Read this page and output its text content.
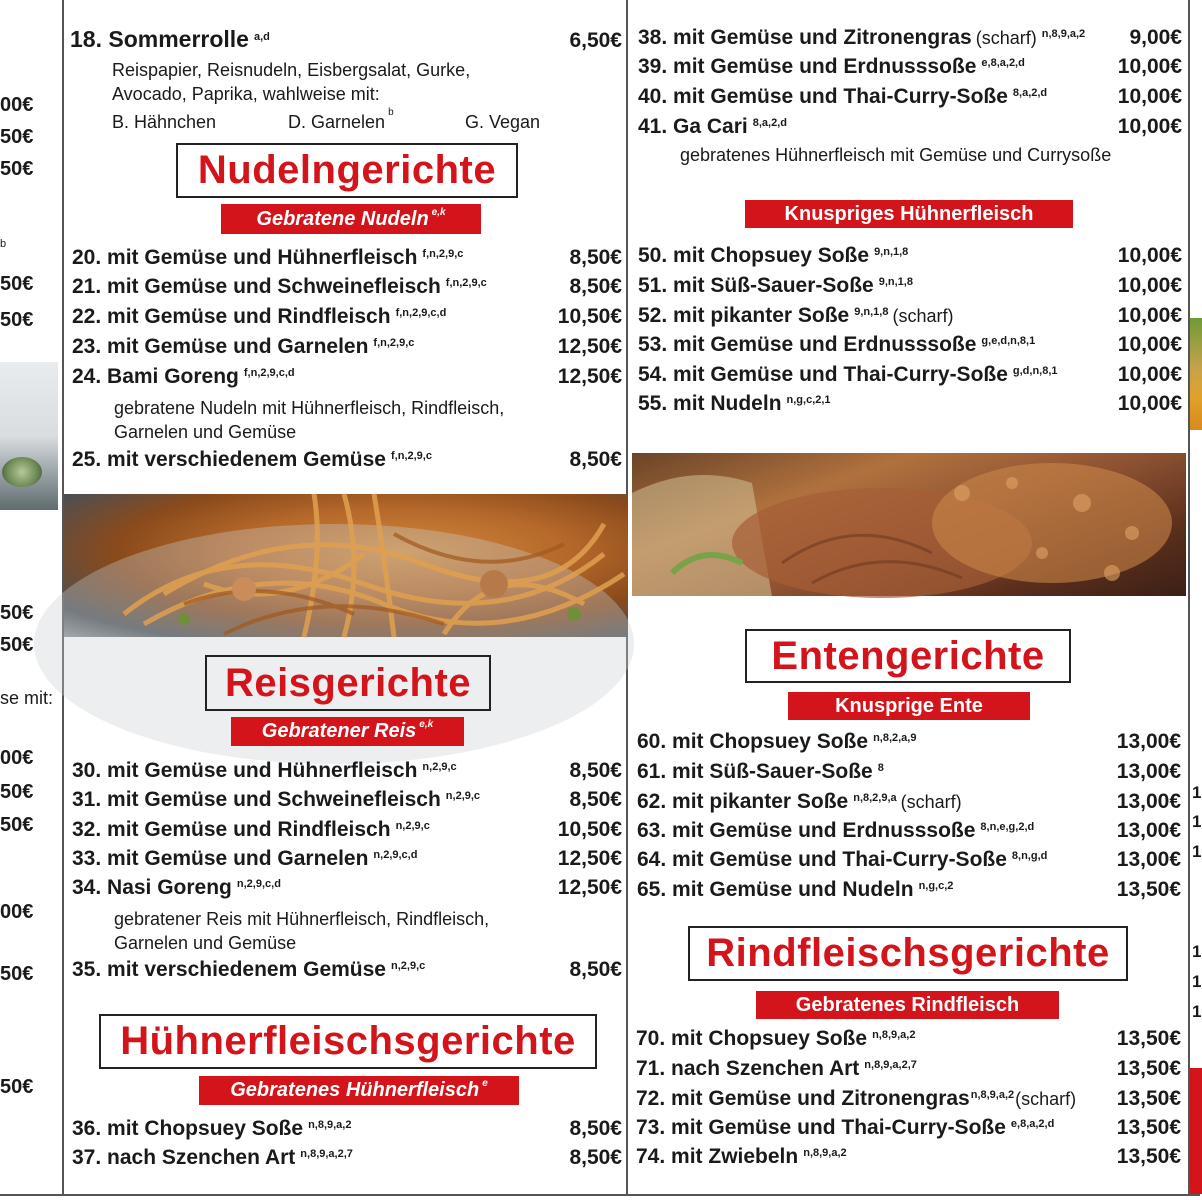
00€
50€
50€
b
50€
50€
50€
50€
se mit:
00€
50€
50€
00€
50€
50€
18. Sommerrolle $^{a,d}$	6,50€
Reispapier, Reisnudeln, Eisbergsalat, Gurke,
Avocado, Paprika, wahlweise mit:
B. Hähnchen	D. Garnelen $^b$	G. Vegan
Nudelngerichte
Gebratene Nudeln $^{e,k}$
20. mit Gemüse und Hühnerfleisch $^{f,n,2,9,c}$	8,50€
21. mit Gemüse und Schweinefleisch $^{f,n,2,9,c}$	8,50€
22. mit Gemüse und Rindfleisch $^{f,n,2,9,c,d}$	10,50€
23. mit Gemüse und Garnelen $^{f,n,2,9,c}$	12,50€
24. Bami Goreng $^{f,n,2,9,c,d}$	12,50€
gebratene Nudeln mit Hühnerfleisch, Rindfleisch,
Garnelen und Gemüse
25. mit verschiedenem Gemüse $^{f,n,2,9,c}$	8,50€
Reisgerichte
Gebratener Reis $^{e,k}$
30. mit Gemüse und Hühnerfleisch $^{n,2,9,c}$	8,50€
31. mit Gemüse und Schweinefleisch $^{n,2,9,c}$	8,50€
32. mit Gemüse und Rindfleisch $^{n,2,9,c}$	10,50€
33. mit Gemüse und Garnelen $^{n,2,9,c,d}$	12,50€
34. Nasi Goreng $^{n,2,9,c,d}$	12,50€
gebratener Reis mit Hühnerfleisch, Rindfleisch,
Garnelen und Gemüse
35. mit verschiedenem Gemüse $^{n,2,9,c}$	8,50€
Hühnerfleischsgerichte
Gebratenes Hühnerfleisch $^e$
36. mit Chopsuey Soße $^{n,8,9,a,2}$	8,50€
37. nach Szenchen Art $^{n,8,9,a,2,7}$	8,50€
38. mit Gemüse und Zitronengras (scharf) $^{n,8,9,a,2}$ 9,00€
39. mit Gemüse und Erdnusssoße $^{e,8,a,2,d}$	10,00€
40. mit Gemüse und Thai-Curry-Soße $^{8,a,2,d}$	10,00€
41. Ga Cari $^{8,a,2,d}$	10,00€
gebratenes Hühnerfleisch mit Gemüse und Currysoße
Knuspriges Hühnerfleisch
50. mit Chopsuey Soße $^{9,n,1,8}$	10,00€
51. mit Süß-Sauer-Soße $^{9,n,1,8}$	10,00€
52. mit pikanter Soße $^{9,n,1,8}$ (scharf)	10,00€
53. mit Gemüse und Erdnusssoße $^{g,e,d,n,8,1}$	10,00€
54. mit Gemüse und Thai-Curry-Soße $^{g,d,n,8,1}$	10,00€
55. mit Nudeln $^{n,g,c,2,1}$	10,00€
Entengerichte
Knusprige Ente
60. mit Chopsuey Soße $^{n,8,2,a,9}$	13,00€
61. mit Süß-Sauer-Soße $^8$	13,00€
62. mit pikanter Soße $^{n,8,2,9,a}$ (scharf)	13,00€
63. mit Gemüse und Erdnusssoße $^{8,n,e,g,2,d}$	13,00€
64. mit Gemüse und Thai-Curry-Soße $^{8,n,g,d}$	13,00€
65. mit Gemüse und Nudeln $^{n,g,c,2}$	13,50€
Rindfleischsgerichte
Gebratenes Rindfleisch
70. mit Chopsuey Soße $^{n,8,9,a,2}$	13,50€
71. nach Szenchen Art $^{n,8,9,a,2,7}$	13,50€
72. mit Gemüse und Zitronengras$^{n,8,9,a,2}$ (scharf) 13,50€
73. mit Gemüse und Thai-Curry-Soße $^{e,8,a,2,d}$	13,50€
74. mit Zwiebeln $^{n,8,9,a,2}$	13,50€
1
1
1
1
1
1
